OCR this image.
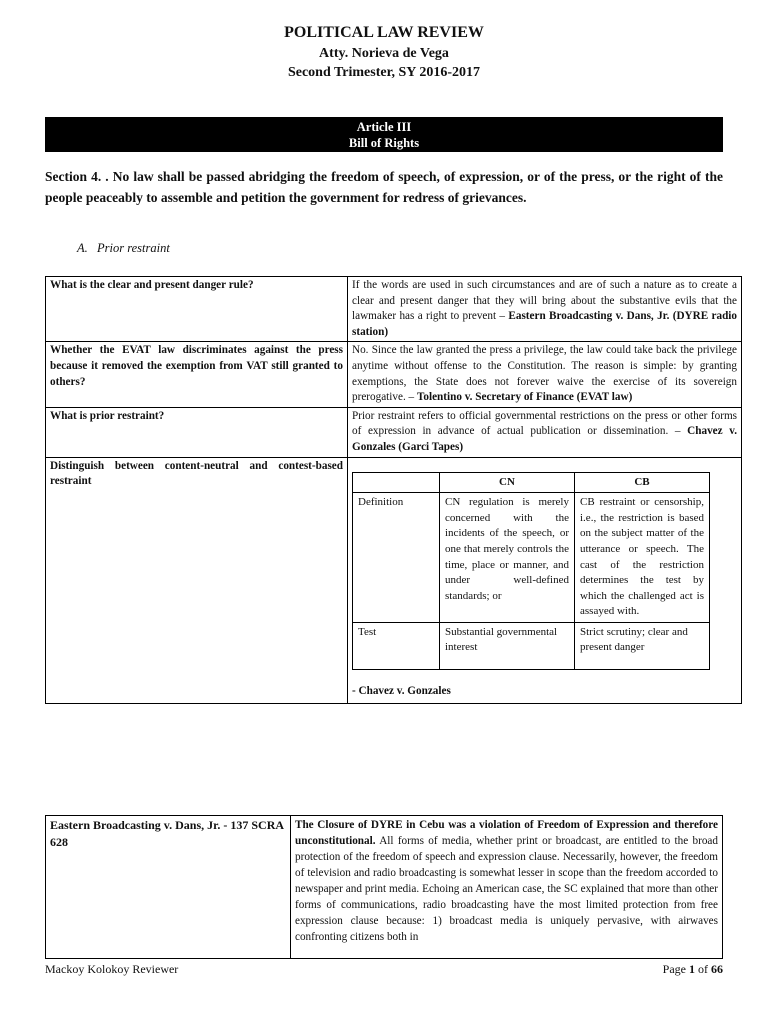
POLITICAL LAW REVIEW
Atty. Norieva de Vega
Second Trimester, SY 2016-2017
Article III
Bill of Rights
Section 4. . No law shall be passed abridging the freedom of speech, of expression, or of the press, or the right of the people peaceably to assemble and petition the government for redress of grievances.
A. Prior restraint
What is the clear and present danger rule?	If the words are used in such circumstances and are of such a nature as to create a clear and present danger that they will bring about the substantive evils that the lawmaker has a right to prevent – Eastern Broadcasting v. Dans, Jr. (DYRE radio station)
Whether the EVAT law discriminates against the press because it removed the exemption from VAT still granted to others?	No. Since the law granted the press a privilege, the law could take back the privilege anytime without offense to the Constitution. The reason is simple: by granting exemptions, the State does not forever waive the exercise of its sovereign prerogative. – Tolentino v. Secretary of Finance (EVAT law)
What is prior restraint?	Prior restraint refers to official governmental restrictions on the press or other forms of expression in advance of actual publication or dissemination. – Chavez v. Gonzales (Garci Tapes)
Distinguish between content-neutral and contest-based restraint	
		CN	CB
Definition	CN regulation is merely concerned with the incidents of the speech, or one that merely controls the time, place or manner, and under well-defined standards; or	CB restraint or censorship, i.e., the restriction is based on the subject matter of the utterance or speech. The cast of the restriction determines the test by which the challenged act is assayed with.
Test	Substantial governmental interest	Strict scrutiny; clear and present danger
- Chavez v. Gonzales
Eastern Broadcasting v. Dans, Jr. - 137 SCRA 628	
The Closure of DYRE in Cebu was a violation of Freedom of Expression and therefore unconstitutional. All forms of media, whether print or broadcast, are entitled to the broad protection of the freedom of speech and expression clause. Necessarily, however, the freedom of television and radio broadcasting is somewhat lesser in scope than the freedom accorded to newspaper and print media. Echoing an American case, the SC explained that more than other forms of communications, radio broadcasting have the most limited protection from free expression clause because: 1) broadcast media is uniquely pervasive, with airwaves confronting citizens both in
Mackoy Kolokoy Reviewer	Page 1 of 66
